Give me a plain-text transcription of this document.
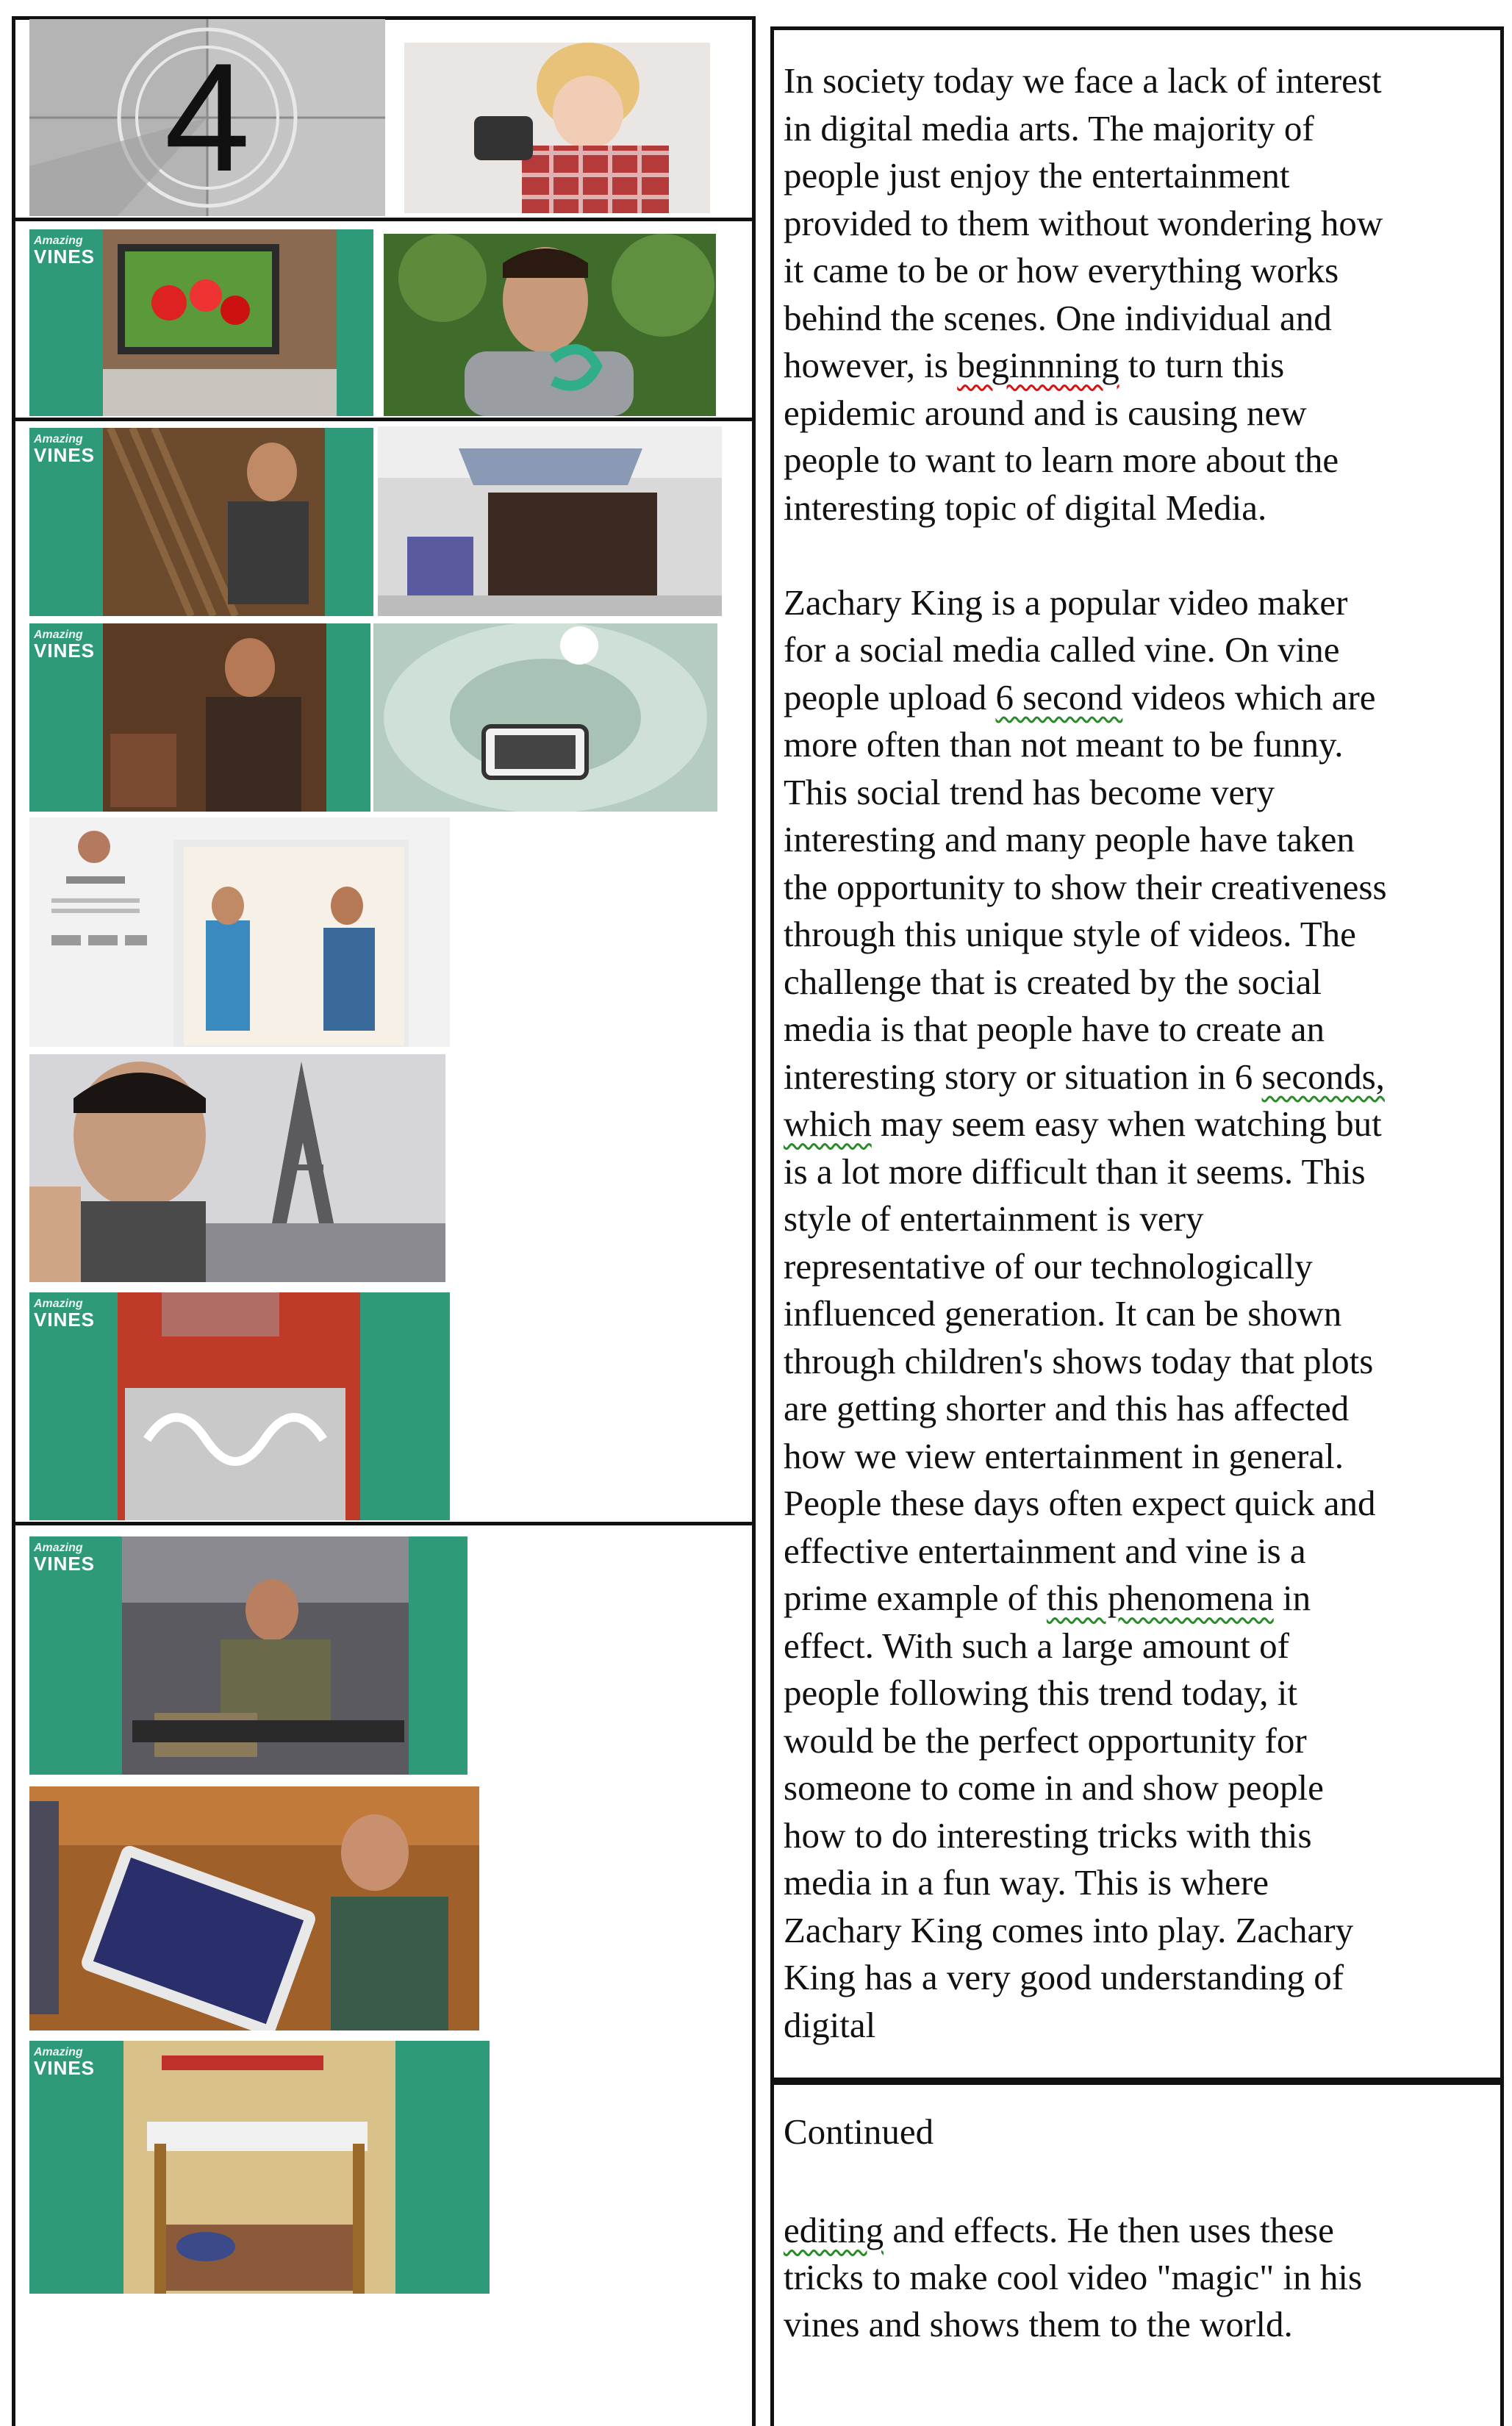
4
Amazing
VINES
Amazing
VINES
Amazing
VINES
Amazing
VINES
Amazing
VINES
Amazing
VINES
In society today we face a lack of interest
in digital media arts. The majority of
people just enjoy the entertainment
provided to them without wondering how
it came to be or how everything works
behind the scenes. One individual and
however, is beginnning to turn this
epidemic around and is causing new
people to want to learn more about the
interesting topic of digital Media.

Zachary King is a popular video maker
for a social media called vine. On vine
people upload 6 second videos which are
more often than not meant to be funny.
This social trend has become very
interesting and many people have taken
the opportunity to show their creativeness
through this unique style of videos. The
challenge that is created by the social
media is that people have to create an
interesting story or situation in 6 seconds,
which may seem easy when watching but
is a lot more difficult than it seems. This
style of entertainment is very
representative of our technologically
influenced generation. It can be shown
through children's shows today that plots
are getting shorter and this has affected
how we view entertainment in general.
People these days often expect quick and
effective entertainment and vine is a
prime example of this phenomena in
effect. With such a large amount of
people following this trend today, it
would be the perfect opportunity for
someone to come in and show people
how to do interesting tricks with this
media in a fun way. This is where
Zachary King comes into play. Zachary
King has a very good understanding of
digital
Continued
editing and effects. He then uses these
tricks to make cool video "magic" in his
vines and shows them to the world.
